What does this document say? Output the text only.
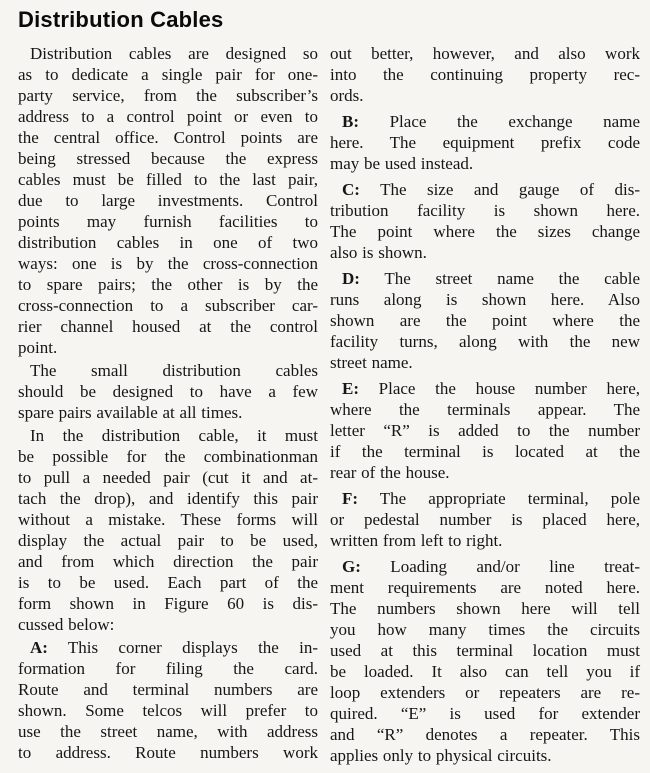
Distribution Cables
Distribution cables are designed so
as to dedicate a single pair for one-
party service, from the subscriber’s
address to a control point or even to
the central office. Control points are
being stressed because the express
cables must be filled to the last pair,
due to large investments. Control
points may furnish facilities to
distribution cables in one of two
ways: one is by the cross-connection
to spare pairs; the other is by the
cross-connection to a subscriber car-
rier channel housed at the control
point.
The small distribution cables
should be designed to have a few
spare pairs available at all times.
In the distribution cable, it must
be possible for the combinationman
to pull a needed pair (cut it and at-
tach the drop), and identify this pair
without a mistake. These forms will
display the actual pair to be used,
and from which direction the pair
is to be used. Each part of the
form shown in Figure 60 is dis-
cussed below:
A: This corner displays the in-
formation for filing the card.
Route and terminal numbers are
shown. Some telcos will prefer to
use the street name, with address
to address. Route numbers work
out better, however, and also work
into the continuing property rec-
ords.
B: Place the exchange name
here. The equipment prefix code
may be used instead.
C: The size and gauge of dis-
tribution facility is shown here.
The point where the sizes change
also is shown.
D: The street name the cable
runs along is shown here. Also
shown are the point where the
facility turns, along with the new
street name.
E: Place the house number here,
where the terminals appear. The
letter “R” is added to the number
if the terminal is located at the
rear of the house.
F: The appropriate terminal, pole
or pedestal number is placed here,
written from left to right.
G: Loading and/or line treat-
ment requirements are noted here.
The numbers shown here will tell
you how many times the circuits
used at this terminal location must
be loaded. It also can tell you if
loop extenders or repeaters are re-
quired. “E” is used for extender
and “R” denotes a repeater. This
applies only to physical circuits.
